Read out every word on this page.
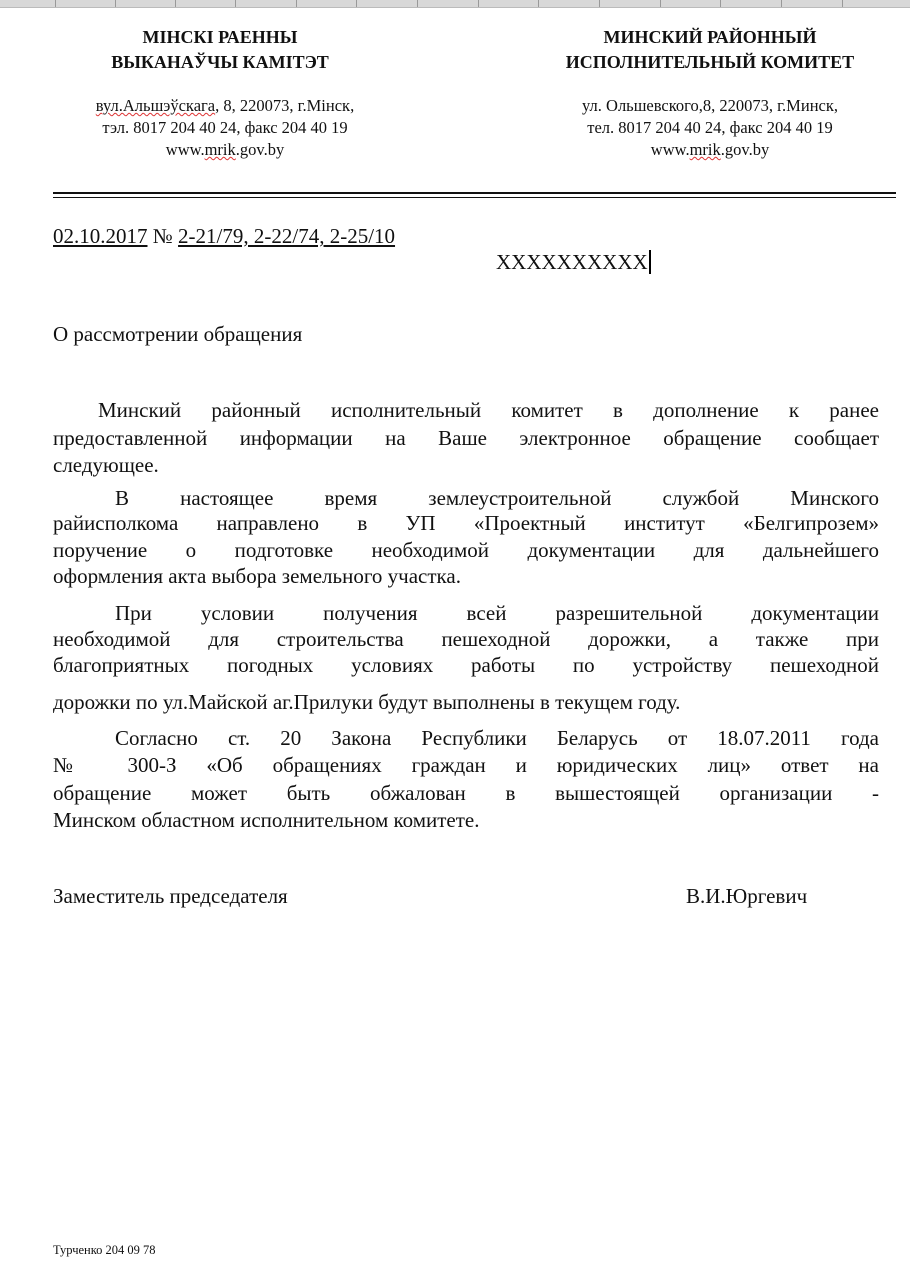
МIНСКI РАЕННЫ
ВЫКАНАЎЧЫ КАМIТЭТ
МИНСКИЙ РАЙОННЫЙ
ИСПОЛНИТЕЛЬНЫЙ КОМИТЕТ
вул.Альшэўскага, 8, 220073, г.Мiнск,
тэл. 8017 204 40 24, факс 204 40 19
www.mrik.gov.by
ул. Ольшевского,8, 220073, г.Минск,
тел. 8017 204 40 24, факс 204 40 19
www.mrik.gov.by
02.10.2017 № 2-21/79, 2-22/74, 2-25/10
XXXXXXXXXX
О рассмотрении обращения
Минский районный исполнительный комитет в дополнение к ранее
предоставленной информации на Ваше электронное обращение сообщает
следующее.
В настоящее время землеустроительной службой Минского
райисполкома направлено в УП «Проектный институт «Белгипрозем»
поручение о подготовке необходимой документации для дальнейшего
оформления акта выбора земельного участка.
При условии получения всей разрешительной документации
необходимой для строительства пешеходной дорожки, а также при
благоприятных погодных условиях работы по устройству пешеходной
дорожки по ул.Майской аг.Прилуки будут выполнены в текущем году.
Согласно ст. 20 Закона Республики Беларусь от 18.07.2011 года
№ 300-З «Об обращениях граждан и юридических лиц» ответ на
обращение может быть обжалован в вышестоящей организации -
Минском областном исполнительном комитете.
Заместитель председателя	В.И.Юргевич
Турченко 204 09 78
